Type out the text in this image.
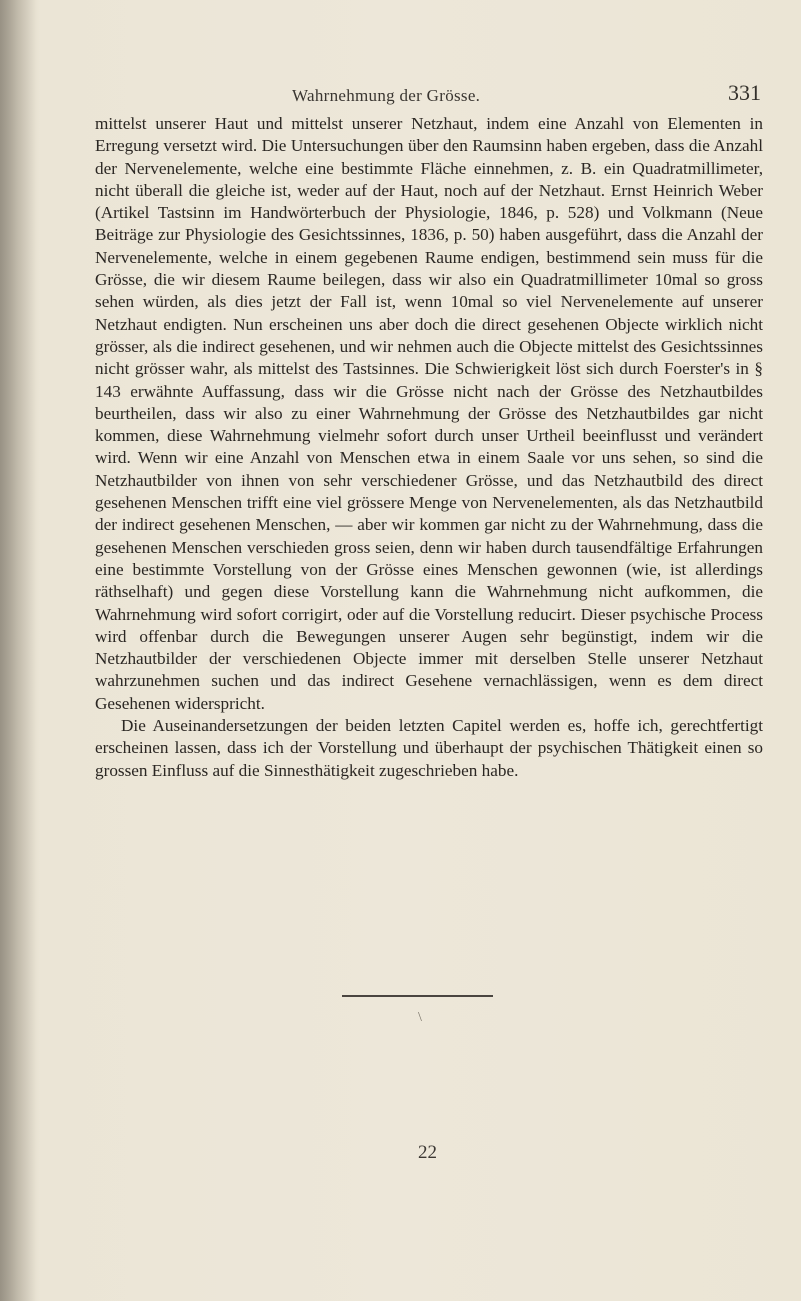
Wahrnehmung der Grösse.	331

mittelst unserer Haut und mittelst unserer Netzhaut, indem eine Anzahl von Elementen in Erregung versetzt wird. Die Untersuchungen über den Raumsinn haben ergeben, dass die Anzahl der Nervenelemente, welche eine bestimmte Fläche einnehmen, z. B. ein Quadratmillimeter, nicht überall die gleiche ist, weder auf der Haut, noch auf der Netzhaut. Ernst Heinrich Weber (Artikel Tastsinn im Handwörterbuch der Physiologie, 1846, p. 528) und Volkmann (Neue Beiträge zur Physiologie des Gesichtssinnes, 1836, p. 50) haben ausgeführt, dass die Anzahl der Nervenelemente, welche in einem gegebenen Raume endigen, bestimmend sein muss für die Grösse, die wir diesem Raume beilegen, dass wir also ein Quadratmillimeter 10mal so gross sehen würden, als dies jetzt der Fall ist, wenn 10mal so viel Nervenelemente auf unserer Netzhaut endigten. Nun erscheinen uns aber doch die direct gesehenen Objecte wirklich nicht grösser, als die indirect gesehenen, und wir nehmen auch die Objecte mittelst des Gesichtssinnes nicht grösser wahr, als mittelst des Tastsinnes. Die Schwierigkeit löst sich durch Foerster's in § 143 erwähnte Auffassung, dass wir die Grösse nicht nach der Grösse des Netzhautbildes beurtheilen, dass wir also zu einer Wahrnehmung der Grösse des Netzhautbildes gar nicht kommen, diese Wahrnehmung vielmehr sofort durch unser Urtheil beeinflusst und verändert wird. Wenn wir eine Anzahl von Menschen etwa in einem Saale vor uns sehen, so sind die Netzhautbilder von ihnen von sehr verschiedener Grösse, und das Netzhautbild des direct gesehenen Menschen trifft eine viel grössere Menge von Nervenelementen, als das Netzhautbild der indirect gesehenen Menschen, — aber wir kommen gar nicht zu der Wahrnehmung, dass die gesehenen Menschen verschieden gross seien, denn wir haben durch tausendfältige Erfahrungen eine bestimmte Vorstellung von der Grösse eines Menschen gewonnen (wie, ist allerdings räthselhaft) und gegen diese Vorstellung kann die Wahrnehmung nicht aufkommen, die Wahrnehmung wird sofort corrigirt, oder auf die Vorstellung reducirt. Dieser psychische Process wird offenbar durch die Bewegungen unserer Augen sehr begünstigt, indem wir die Netzhautbilder der verschiedenen Objecte immer mit derselben Stelle unserer Netzhaut wahrzunehmen suchen und das indirect Gesehene vernachlässigen, wenn es dem direct Gesehenen widerspricht.

Die Auseinandersetzungen der beiden letzten Capitel werden es, hoffe ich, gerechtfertigt erscheinen lassen, dass ich der Vorstellung und überhaupt der psychischen Thätigkeit einen so grossen Einfluss auf die Sinnesthätigkeit zugeschrieben habe.

\
22
